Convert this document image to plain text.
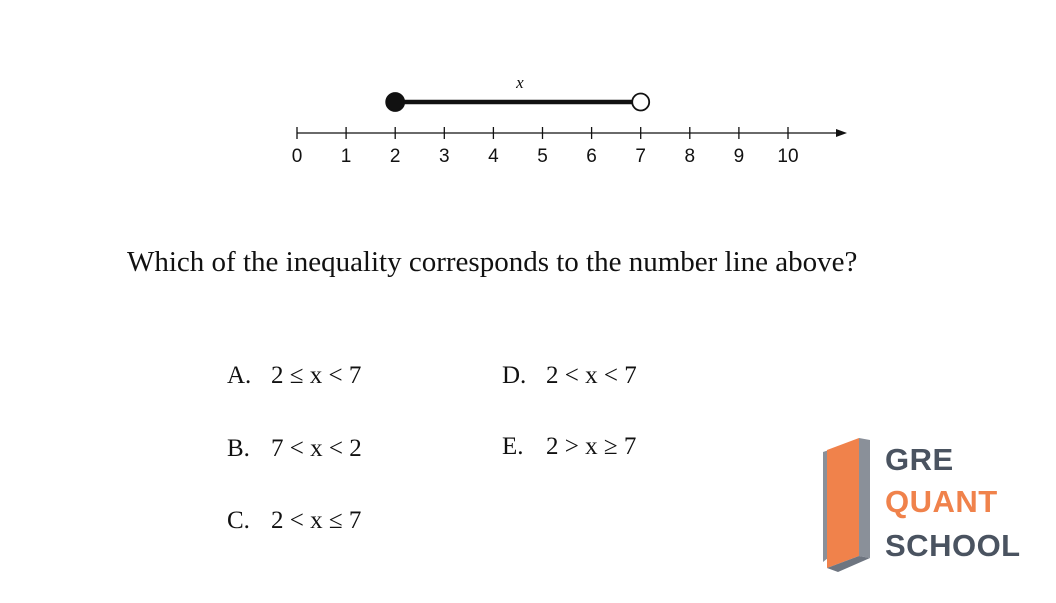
0 1 2 3 4 5 6 7 8 9 10
x
Which of the inequality corresponds to the number line above?
A. 2 ≤ x < 7
B. 7 < x < 2
C. 2 < x ≤ 7
D. 2 < x < 7
E. 2 > x ≥ 7	GRE
QUANT
SCHOOL
